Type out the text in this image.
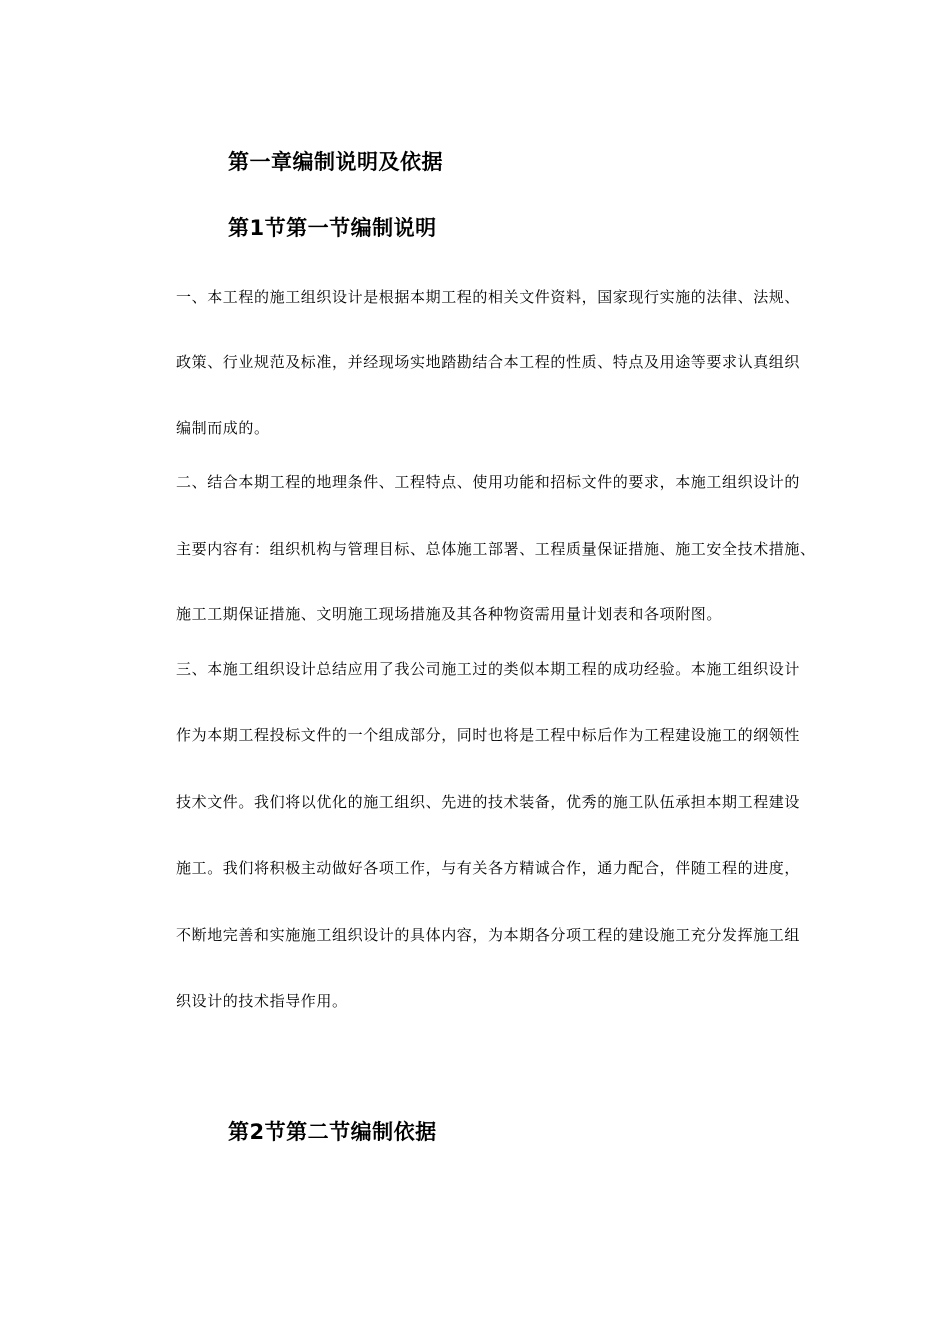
第一章编制说明及依据
第1节第一节编制说明
一、本工程的施工组织设计是根据本期工程的相关文件资料，国家现行实施的法律、法规、
政策、行业规范及标准，并经现场实地踏勘结合本工程的性质、特点及用途等要求认真组织
编制而成的。
二、结合本期工程的地理条件、工程特点、使用功能和招标文件的要求，本施工组织设计的
主要内容有：组织机构与管理目标、总体施工部署、工程质量保证措施、施工安全技术措施、
施工工期保证措施、文明施工现场措施及其各种物资需用量计划表和各项附图。
三、本施工组织设计总结应用了我公司施工过的类似本期工程的成功经验。本施工组织设计
作为本期工程投标文件的一个组成部分，同时也将是工程中标后作为工程建设施工的纲领性
技术文件。我们将以优化的施工组织、先进的技术装备，优秀的施工队伍承担本期工程建设
施工。我们将积极主动做好各项工作，与有关各方精诚合作，通力配合，伴随工程的进度，
不断地完善和实施施工组织设计的具体内容，为本期各分项工程的建设施工充分发挥施工组
织设计的技术指导作用。
第2节第二节编制依据
